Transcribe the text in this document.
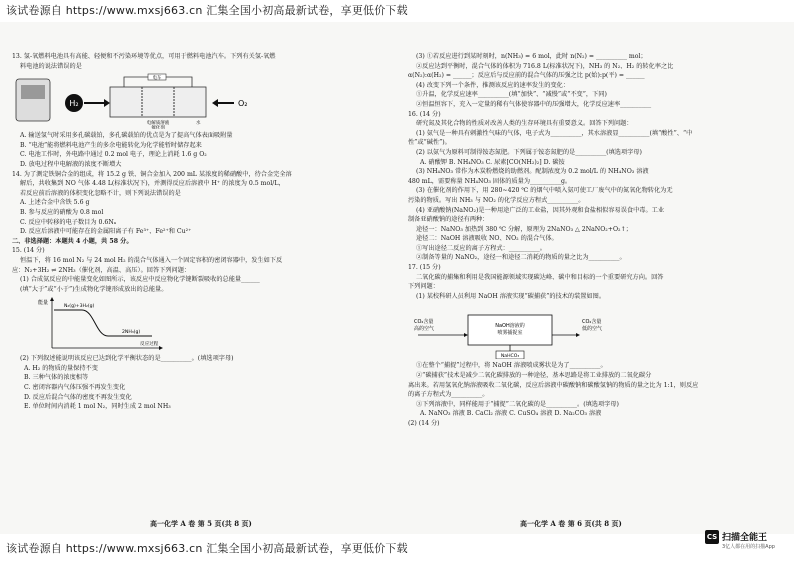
该试卷源自 https://www.mxsj663.cn 汇集全国小初高最新试卷，享更低价下载

13. 氢-氧燃料电池具有高能、轻便和不污染环境等优点，可用于燃料电池汽车。下列有关氢-氧燃

料电池的说法错误的是

H₂
电车
电解质溶液
催化剂
水
O₂

A. 输送氢气时采用多孔碳载铂，多孔碳载铂的优点是为了提高气体表面吸附量

B. “电池”能将燃料电池产生的多余电能转化为化学能暂时储存起来

C. 电池工作时，外电路中通过 0.2 mol 电子，理论上消耗 1.6 g O₂

D. 放电过程中电解液的浓度不断增大

14. 为了测定铁铜合金的组成，将 15.2 g 铁、铜合金加入 200 mL 某浓度的稀硝酸中，待合金完全溶

解后，共收集到 NO 气体 4.48 L(标准状况下)，并测得反应后溶液中 H⁺ 的浓度为 0.5 mol/L，

若反应前后溶液的体积变化忽略不计，则下列说法错误的是

A. 上述合金中含铁 5.6 g

B. 参与反应的硝酸为 0.8 mol

C. 反应中转移的电子数目为 0.6Nₐ

D. 反应后溶液中可能存在的金属阳离子有 Fe³⁺、Fe²⁺和 Cu²⁺

二、非选择题：本题共 4 小题，共 58 分。

15. (14 分)

恒温下，将 16 mol N₂ 与 24 mol H₂ 的混合气体通入一个固定容积的密闭容器中，发生如下反

应：N₂+3H₂ ⇌ 2NH₃（催化剂，高温、高压）。回答下列问题：

(1) 合成氨反应的中能量变化如图所示，该反应中反应物化学键断裂吸收的总能量______

(填“大于”或“小于”)生成物化学键形成放出的总能量。

能量
N₂(g)+3H₂(g)
2NH₃(g)
反应过程

(2) 下列叙述能说明该反应已达到化学平衡状态的是__________。(填选项字母)

A. H₂ 的物质的量保持不变

B. 三种气体的浓度相等

C. 密闭容器内气体压强不再发生变化

D. 反应后混合气体的密度不再发生变化

E. 单位时间内消耗 1 mol N₂，同时生成 2 mol NH₃

(3) ①若反应进行到某时刻时，n(NH₃) = 6 mol，此时 n(N₂) = __________ mol；

②反应达到平衡时，混合气体的体积为 716.8 L(标准状况下)，NH₃ 的 N₂、H₂ 的转化率之比

α(N₂):α(H₂) = ______；反应后与反应前的混合气体的压强之比 p(始):p(平) = ______

(4) 改变下列一个条件，推测该反应的速率发生的变化：

①升温，化学反应速率__________(填“加快”、“减慢”或“不变”，下同)

②恒温恒容下，充入一定量的稀有气体使容器中的压强增大，化学反应速率__________

16. (14 分)

研究氮及其化合物的性质对改善人类的生存环境具有重要意义。回答下列问题：

(1) 氨气是一种具有刺激性气味的气体，电子式为__________，其水溶液显__________(填“酸性”、“中

性”或“碱性”)。

(2) 以氨气为原料可制得铵态氮肥。下列属于铵态氮肥的是__________(填选项字母)

A. 硝酸钾 B. NH₄NO₃ C. 尿素[CO(NH₂)₂] D. 碳铵

(3) NH₄NO₃ 常作为木炭粉燃烧的助燃剂。配制浓度为 0.2 mol/L 的 NH₄NO₃ 溶液

480 mL，需要称量 NH₄NO₃ 固体的质量为__________g。

(3) 在催化剂的作用下，用 280~420 ℃ 的烟气中喷入氨可使工厂废气中的氮氧化物转化为无

污染的物质。写出 NH₃ 与 NO₂ 的化学反应方程式__________。

(4) 亚硝酸钠(NaNO₂)是一种用途广泛的工业盐，因其外观和食盐相似容易误食中毒。工业

制备亚硝酸钠的途径有两种：

途径一：NaNO₃ 加热到 380 ℃ 分解，原理为 2NaNO₃ △ 2NaNO₂+O₂↑；

途径二：NaOH 溶液吸收 NO、NO₂ 的混合气体。

①写出途径二反应的离子方程式：__________。

②制备等量的 NaNO₂，途径一和途径二消耗的物质的量之比为__________。

17. (15 分)

二氧化碳的捕集和利用是我国能源领域实现碳达峰、碳中和目标的一个重要研究方向。回答

下列问题：

(1) 某校科研人员利用 NaOH 溶液实现“碳捕获”的技术的装置如图。

CO₂含量
高的空气	NaOH溶液的
喷雾捕捉室
CO₂含量
低的空气
NaHCO₃

①在整个“捕捉”过程中，将 NaOH 溶液喷成雾状是为了__________。

②“碳捕获”技术是减少二氧化碳排放的一种途径，基本思路是将工业排放的二氧化碳分

离出来。若用氢氧化钠溶液吸收二氧化碳，反应后溶液中碳酸钠和碳酸氢钠的物质的量之比为 1:1，则反应

的离子方程式为__________。

③下列溶液中，同样能用于“捕捉”二氧化碳的是__________。(填选项字母)

A. NaNO₃ 溶液 B. CaCl₂ 溶液 C. CuSO₄ 溶液 D. Na₂CO₃ 溶液

(2) (14 分)

高一化学 A 卷 第 5 页(共 8 页)	高一化学 A 卷 第 6 页(共 8 页)
该试卷源自 https://www.mxsj663.cn 汇集全国小初高最新试卷，享更低价下载
CS 扫描全能王
3亿人都在用的扫描App
